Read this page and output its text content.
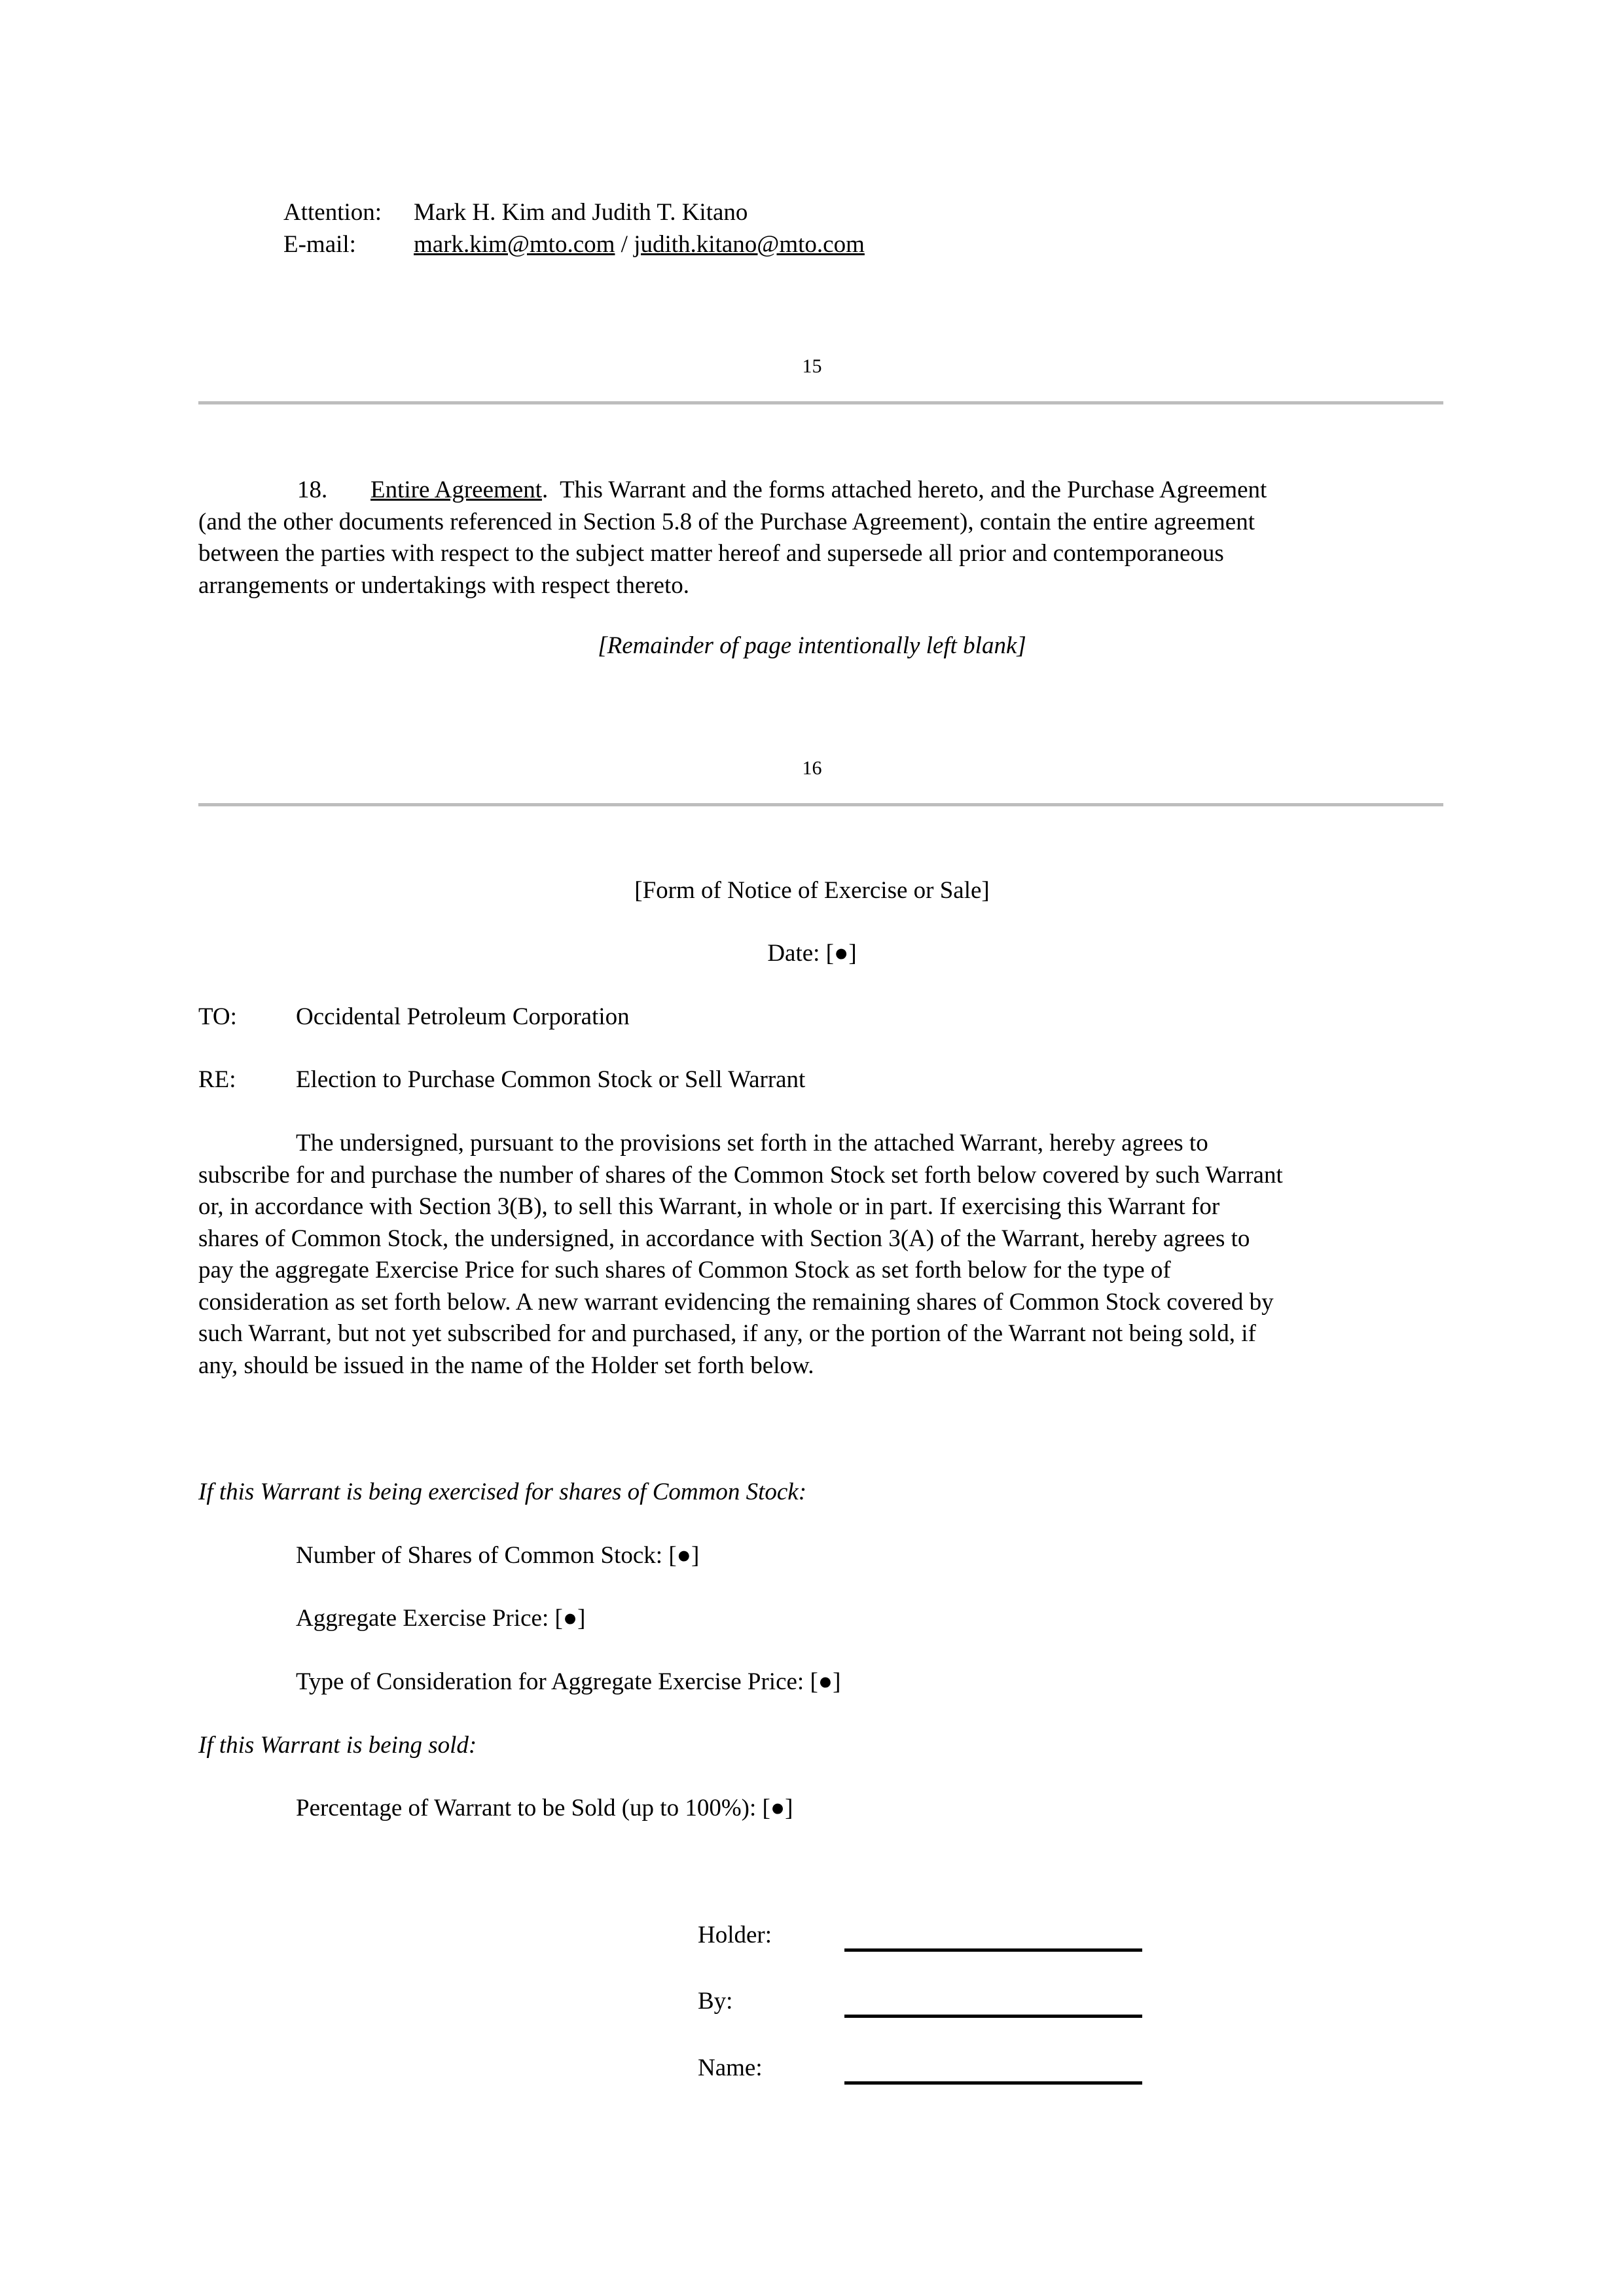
Attention: Mark H. Kim and Judith T. Kitano
E-mail: mark.kim@mto.com / judith.kitano@mto.com
15
18. Entire Agreement.  This Warrant and the forms attached hereto, and the Purchase Agreement
(and the other documents referenced in Section 5.8 of the Purchase Agreement), contain the entire agreement
between the parties with respect to the subject matter hereof and supersede all prior and contemporaneous
arrangements or undertakings with respect thereto.
[Remainder of page intentionally left blank]
16
[Form of Notice of Exercise or Sale]
Date: [●]
TO: Occidental Petroleum Corporation
RE: Election to Purchase Common Stock or Sell Warrant
The undersigned, pursuant to the provisions set forth in the attached Warrant, hereby agrees to
subscribe for and purchase the number of shares of the Common Stock set forth below covered by such Warrant
or, in accordance with Section 3(B), to sell this Warrant, in whole or in part. If exercising this Warrant for
shares of Common Stock, the undersigned, in accordance with Section 3(A) of the Warrant, hereby agrees to
pay the aggregate Exercise Price for such shares of Common Stock as set forth below for the type of
consideration as set forth below. A new warrant evidencing the remaining shares of Common Stock covered by
such Warrant, but not yet subscribed for and purchased, if any, or the portion of the Warrant not being sold, if
any, should be issued in the name of the Holder set forth below.
If this Warrant is being exercised for shares of Common Stock:
Number of Shares of Common Stock: [●]
Aggregate Exercise Price: [●]
Type of Consideration for Aggregate Exercise Price: [●]
If this Warrant is being sold:
Percentage of Warrant to be Sold (up to 100%): [●]
Holder:
By:
Name:
